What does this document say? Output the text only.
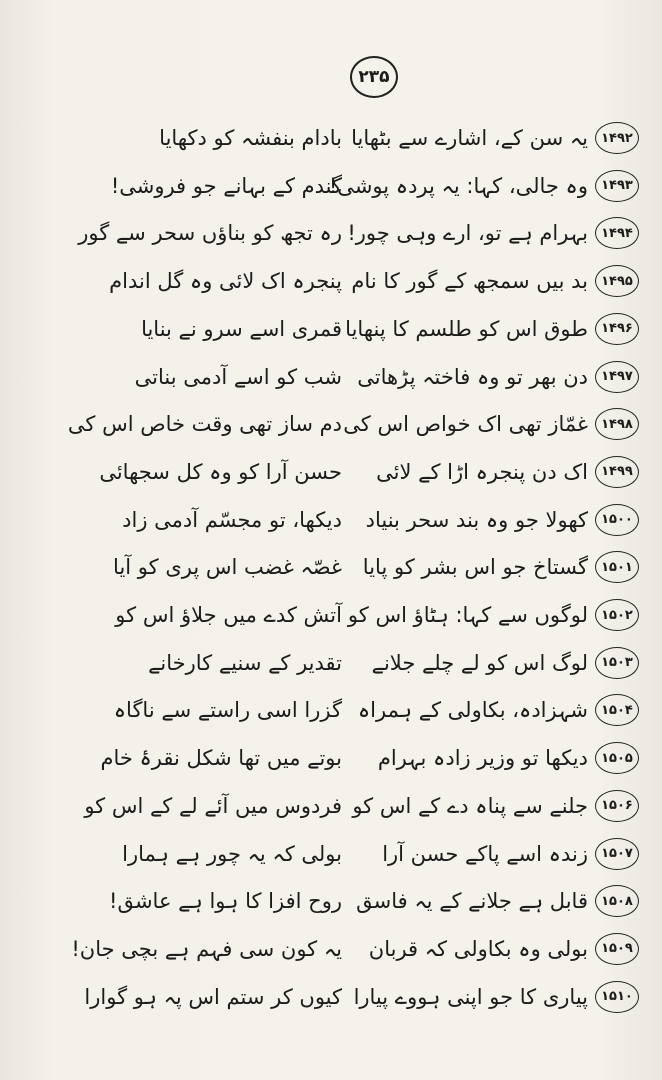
۲۳۵
۱۴۹۲
یہ سن کے، اشارے سے بٹھایا
بادام بنفشہ کو دکھایا
۱۴۹۳
وہ جالی، کہا: یہ پردہ پوشی!
گندم کے بہانے جو فروشی!
۱۴۹۴
بہرام ہے تو، ارے وہی چور!
رہ تجھ کو بناؤں سحر سے گور
۱۴۹۵
بد بیں سمجھ کے گور کا نام
پنجرہ اک لائی وہ گل اندام
۱۴۹۶
طوق اس کو طلسم کا پنھایا
قمری اسے سرو نے بنایا
۱۴۹۷
دن بھر تو وہ فاختہ پڑھاتی
شب کو اسے آدمی بناتی
۱۴۹۸
غمّاز تھی اک خواص اس کی
دم ساز تھی وقت خاص اس کی
۱۴۹۹
اک دن پنجرہ اڑا کے لائی
حسن آرا کو وہ کل سجھائی
۱۵۰۰
کھولا جو وہ بند سحر بنیاد
دیکھا، تو مجسّم آدمی زاد
۱۵۰۱
گستاخ جو اس بشر کو پایا
غصّہ غضب اس پری کو آیا
۱۵۰۲
لوگوں سے کہا: ہٹاؤ اس کو
آتش کدے میں جلاؤ اس کو
۱۵۰۳
لوگ اس کو لے چلے جلانے
تقدیر کے سنیے کارخانے
۱۵۰۴
شہزادہ، بکاولی کے ہمراہ
گزرا اسی راستے سے ناگاہ
۱۵۰۵
دیکھا تو وزیر زادہ بہرام
بوتے میں تھا شکل نقرۂ خام
۱۵۰۶
جلنے سے پناہ دے کے اس کو
فردوس میں آئے لے کے اس کو
۱۵۰۷
زندہ اسے پاکے حسن آرا
بولی کہ یہ چور ہے ہمارا
۱۵۰۸
قابل ہے جلانے کے یہ فاسق
روح افزا کا ہوا ہے عاشق!
۱۵۰۹
بولی وہ بکاولی کہ قربان
یہ کون سی فہم ہے بچی جان!
۱۵۱۰
پیاری کا جو اپنی ہووے پیارا
کیوں کر ستم اس پہ ہو گوارا
